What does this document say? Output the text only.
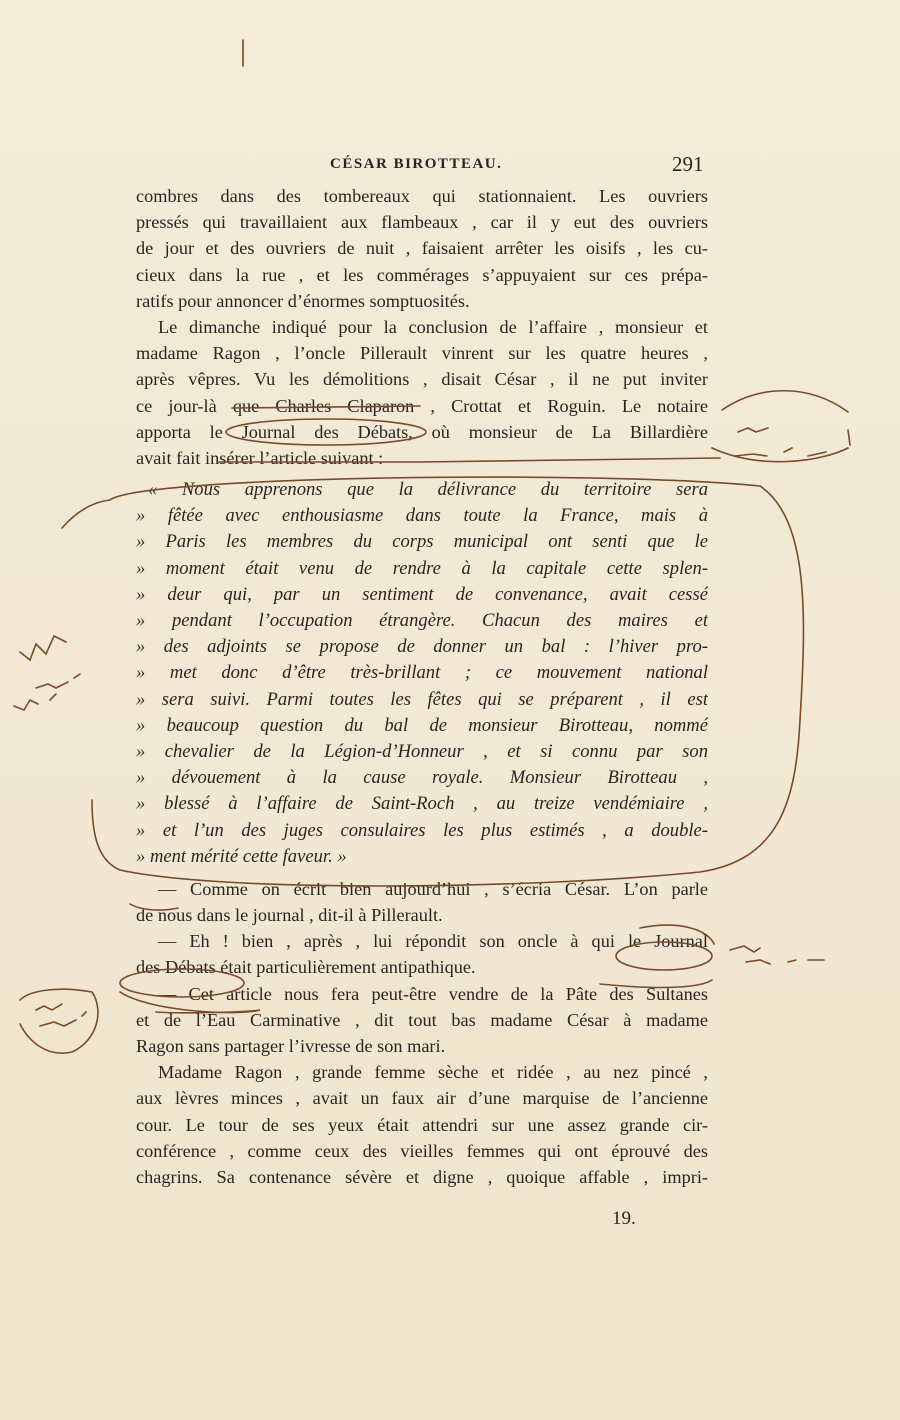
CÉSAR BIROTTEAU.	291
combres dans des tombereaux qui stationnaient. Les ouvriers
pressés qui travaillaient aux flambeaux , car il y eut des ouvriers
de jour et des ouvriers de nuit , faisaient arrêter les oisifs , les cu-
cieux dans la rue , et les commérages s’appuyaient sur ces prépa-
ratifs pour annoncer d’énormes somptuosités.
Le dimanche indiqué pour la conclusion de l’affaire , monsieur et
madame Ragon , l’oncle Pillerault vinrent sur les quatre heures ,
après vêpres. Vu les démolitions , disait César , il ne put inviter
ce jour-là que Charles Claparon , Crottat et Roguin. Le notaire
apporta le Journal des Débats, où monsieur de La Billardière
avait fait insérer l’article suivant :
« Nous apprenons que la délivrance du territoire sera
» fêtée avec enthousiasme dans toute la France, mais à
» Paris les membres du corps municipal ont senti que le
» moment était venu de rendre à la capitale cette splen-
» deur qui, par un sentiment de convenance, avait cessé
» pendant l’occupation étrangère. Chacun des maires et
» des adjoints se propose de donner un bal : l’hiver pro-
» met donc d’être très-brillant ; ce mouvement national
» sera suivi. Parmi toutes les fêtes qui se préparent , il est
» beaucoup question du bal de monsieur Birotteau, nommé
» chevalier de la Légion-d’Honneur , et si connu par son
» dévouement à la cause royale. Monsieur Birotteau ,
» blessé à l’affaire de Saint-Roch , au treize vendémiaire ,
» et l’un des juges consulaires les plus estimés , a double-
» ment mérité cette faveur. »
— Comme on écrit bien aujourd’hui , s’écria César. L’on parle
de nous dans le journal , dit-il à Pillerault.
— Eh ! bien , après , lui répondit son oncle à qui le Journal
des Débats était particulièrement antipathique.
— Cet article nous fera peut-être vendre de la Pâte des Sultanes
et de l’Eau Carminative , dit tout bas madame César à madame
Ragon sans partager l’ivresse de son mari.
Madame Ragon , grande femme sèche et ridée , au nez pincé ,
aux lèvres minces , avait un faux air d’une marquise de l’ancienne
cour. Le tour de ses yeux était attendri sur une assez grande cir-
conférence , comme ceux des vieilles femmes qui ont éprouvé des
chagrins. Sa contenance sévère et digne , quoique affable , impri-
19.
